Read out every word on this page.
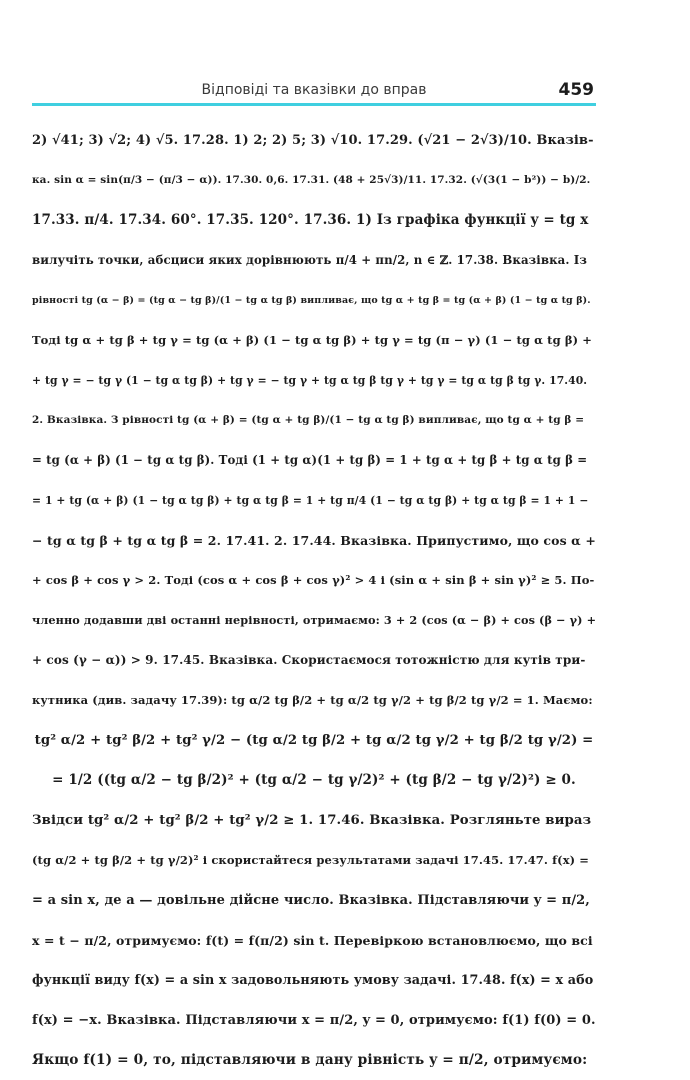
Відповіді та вказівки до вправ	459
2) √41; 3) √2; 4) √5. 17.28. 1) 2; 2) 5; 3) √10. 17.29. (√21 − 2√3)/10. Вказів-
ка. sin α = sin(π/3 − (π/3 − α)). 17.30. 0,6. 17.31. (48 + 25√3)/11. 17.32. (√(3(1 − b²)) − b)/2.
17.33. π/4. 17.34. 60°. 17.35. 120°. 17.36. 1) Із графіка функції y = tg x
вилучіть точки, абсциси яких дорівнюють π/4 + πn/2, n ∈ ℤ. 17.38. Вказівка. Із
рівності tg (α − β) = (tg α − tg β)/(1 − tg α tg β) випливає, що tg α + tg β = tg (α + β) (1 − tg α tg β).
Тоді tg α + tg β + tg γ = tg (α + β) (1 − tg α tg β) + tg γ = tg (π − γ) (1 − tg α tg β) +
+ tg γ = − tg γ (1 − tg α tg β) + tg γ = − tg γ + tg α tg β tg γ + tg γ = tg α tg β tg γ. 17.40.
2. Вказівка. З рівності tg (α + β) = (tg α + tg β)/(1 − tg α tg β) випливає, що tg α + tg β =
= tg (α + β) (1 − tg α tg β). Тоді (1 + tg α)(1 + tg β) = 1 + tg α + tg β + tg α tg β =
= 1 + tg (α + β) (1 − tg α tg β) + tg α tg β = 1 + tg π/4 (1 − tg α tg β) + tg α tg β = 1 + 1 −
− tg α tg β + tg α tg β = 2. 17.41. 2. 17.44. Вказівка. Припустимо, що cos α +
+ cos β + cos γ > 2. Тоді (cos α + cos β + cos γ)² > 4 і (sin α + sin β + sin γ)² ≥ 5. По-
членно додавши дві останні нерівності, отримаємо: 3 + 2 (cos (α − β) + cos (β − γ) +
+ cos (γ − α)) > 9. 17.45. Вказівка. Скористаємося тотожністю для кутів три-
кутника (див. задачу 17.39): tg α/2 tg β/2 + tg α/2 tg γ/2 + tg β/2 tg γ/2 = 1. Маємо:
tg² α/2 + tg² β/2 + tg² γ/2 − (tg α/2 tg β/2 + tg α/2 tg γ/2 + tg β/2 tg γ/2) =
= 1/2 ((tg α/2 − tg β/2)² + (tg α/2 − tg γ/2)² + (tg β/2 − tg γ/2)²) ≥ 0.
Звідси tg² α/2 + tg² β/2 + tg² γ/2 ≥ 1. 17.46. Вказівка. Розгляньте вираз
(tg α/2 + tg β/2 + tg γ/2)² і скористайтеся результатами задачі 17.45. 17.47. f(x) =
= a sin x, де a — довільне дійсне число. Вказівка. Підставляючи y = π/2,
x = t − π/2, отримуємо: f(t) = f(π/2) sin t. Перевіркою встановлюємо, що всі
функції виду f(x) = a sin x задовольняють умову задачі. 17.48. f(x) = x або
f(x) = −x. Вказівка. Підставляючи x = π/2, y = 0, отримуємо: f(1) f(0) = 0.
Якщо f(1) = 0, то, підставляючи в дану рівність y = π/2, отримуємо:
